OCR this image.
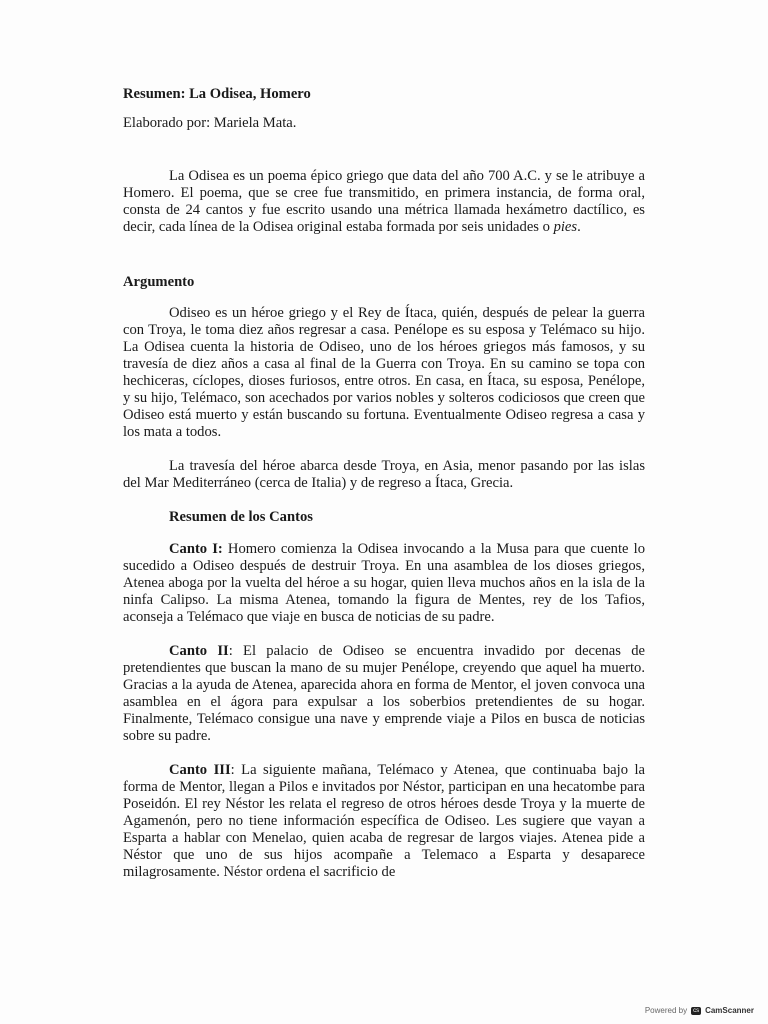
Resumen: La Odisea, Homero
Elaborado por: Mariela Mata.

La Odisea es un poema épico griego que data del año 700 A.C. y se le atribuye a Homero. El poema, que se cree fue transmitido, en primera instancia, de forma oral, consta de 24 cantos y fue escrito usando una métrica llamada hexámetro dactílico, es decir, cada línea de la Odisea original estaba formada por seis unidades o pies.

Argumento

Odiseo es un héroe griego y el Rey de Ítaca, quién, después de pelear la guerra con Troya, le toma diez años regresar a casa. Penélope es su esposa y Telémaco su hijo. La Odisea cuenta la historia de Odiseo, uno de los héroes griegos más famosos, y su travesía de diez años a casa al final de la Guerra con Troya. En su camino se topa con hechiceras, cíclopes, dioses furiosos, entre otros. En casa, en Ítaca, su esposa, Penélope, y su hijo, Telémaco, son acechados por varios nobles y solteros codiciosos que creen que Odiseo está muerto y están buscando su fortuna. Eventualmente Odiseo regresa a casa y los mata a todos.

La travesía del héroe abarca desde Troya, en Asia, menor pasando por las islas del Mar Mediterráneo (cerca de Italia) y de regreso a Ítaca, Grecia.

Resumen de los Cantos

Canto I: Homero comienza la Odisea invocando a la Musa para que cuente lo sucedido a Odiseo después de destruir Troya. En una asamblea de los dioses griegos, Atenea aboga por la vuelta del héroe a su hogar, quien lleva muchos años en la isla de la ninfa Calipso. La misma Atenea, tomando la figura de Mentes, rey de los Tafios, aconseja a Telémaco que viaje en busca de noticias de su padre.

Canto II: El palacio de Odiseo se encuentra invadido por decenas de pretendientes que buscan la mano de su mujer Penélope, creyendo que aquel ha muerto. Gracias a la ayuda de Atenea, aparecida ahora en forma de Mentor, el joven convoca una asamblea en el ágora para expulsar a los soberbios pretendientes de su hogar. Finalmente, Telémaco consigue una nave y emprende viaje a Pilos en busca de noticias sobre su padre.

Canto III: La siguiente mañana, Telémaco y Atenea, que continuaba bajo la forma de Mentor, llegan a Pilos e invitados por Néstor, participan en una hecatombe para Poseidón. El rey Néstor les relata el regreso de otros héroes desde Troya y la muerte de Agamenón, pero no tiene información específica de Odiseo. Les sugiere que vayan a Esparta a hablar con Menelao, quien acaba de regresar de largos viajes. Atenea pide a Néstor que uno de sus hijos acompañe a Telemaco a Esparta y desaparece milagrosamente. Néstor ordena el sacrificio de

Powered by	cs CamScanner
